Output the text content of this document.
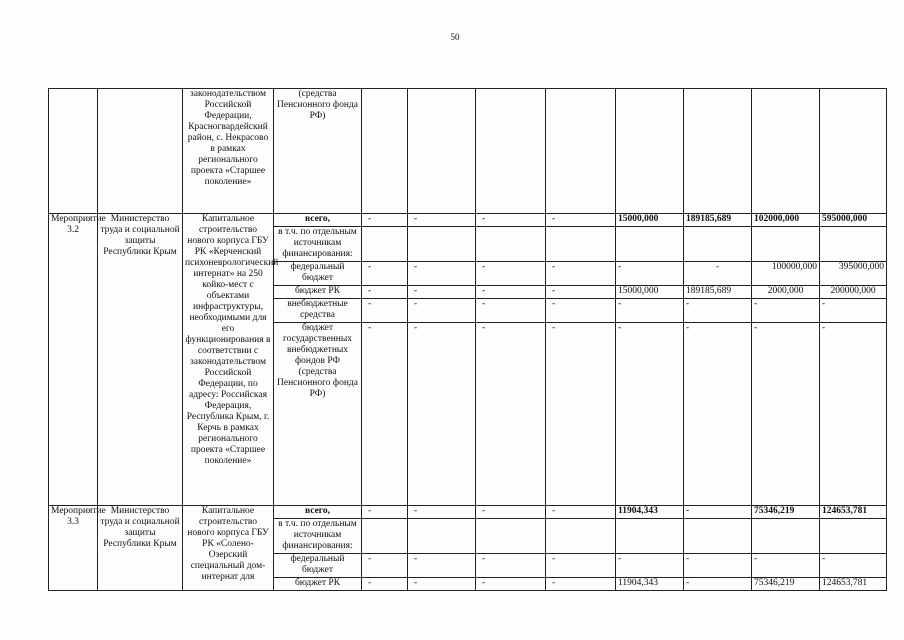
50
		законодательством Российской Федерации, Красногвардейский район, с. Некрасово в рамках регионального проекта «Старшее поколение»	(средства Пенсионного фонда РФ)								
Мероприятие 3.2	Министерство труда и социальной защиты Республики Крым	Капитальное строительство нового корпуса ГБУ РК «Керченский психоневрологический интернат» на 250 койко-мест с объектами инфраструктуры, необходимыми для его функционирования в соответствии с законодательством Российской Федерации, по адресу: Российская Федерация, Республика Крым, г. Керчь в рамках регионального проекта «Старшее поколение»	всего,	-	-	-	-	15000,000	189185,689	102000,000	595000,000
			в т.ч. по отдельным источникам финансирования:								
			федеральный бюджет	-	-	-	-	-	-	100000,000	395000,000
			бюджет РК	-	-	-	-	15000,000	189185,689	2000,000	200000,000
			внебюджетные средства	-	-	-	-	-	-	-	-
			бюджет государственных внебюджетных фондов РФ (средства Пенсионного фонда РФ)	-	-	-	-	-	-	-	-
Мероприятие 3.3	Министерство труда и социальной защиты Республики Крым	Капитальное строительство нового корпуса ГБУ РК «Солено-Озерский специальный дом-интернат для	всего,	-	-	-	-	11904,343	-	75346,219	124653,781
			в т.ч. по отдельным источникам финансирования:								
			федеральный бюджет	-	-	-	-	-	-	-	-
			бюджет РК	-	-	-	-	11904,343	-	75346,219	124653,781
